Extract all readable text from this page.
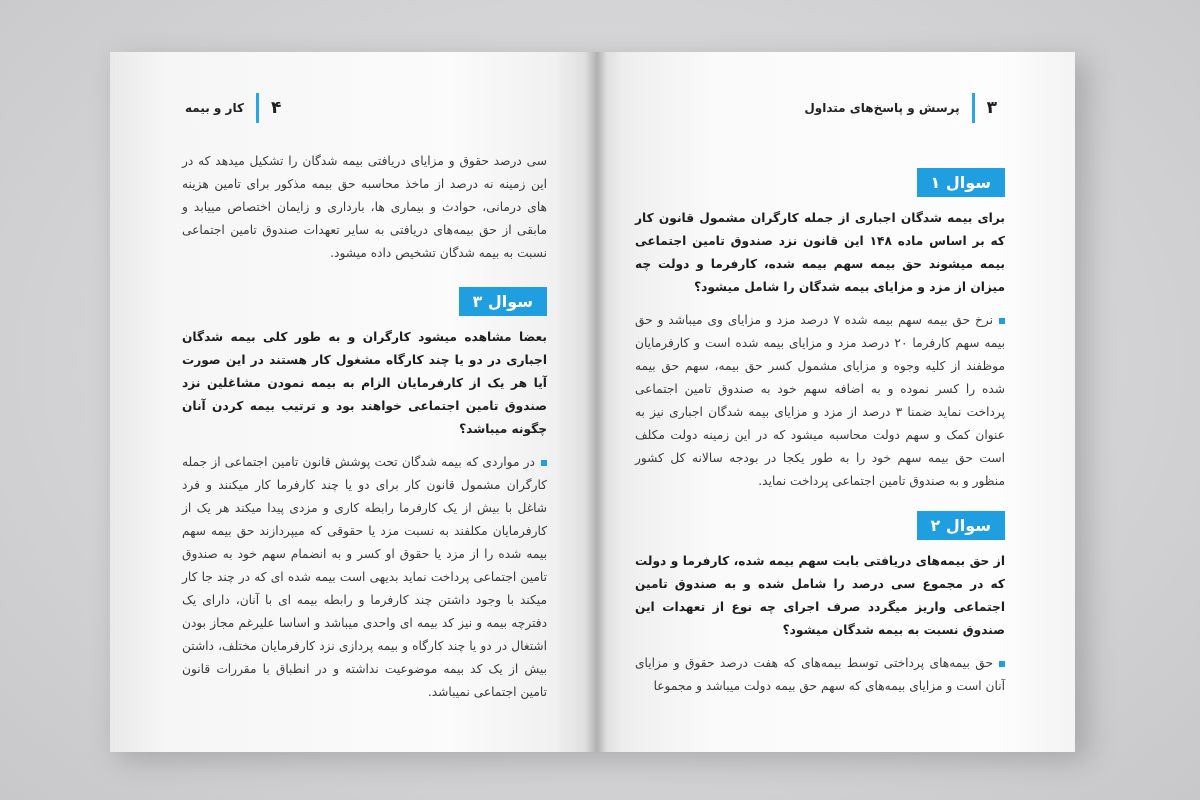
۴
کار و بیمه

سی درصد حقوق و مزایای دریافتی بیمه شدگان را تشکیل میدهد که در این زمینه نه درصد از ماخذ محاسبه حق بیمه مذکور برای تامین هزینه های درمانی، حوادث و بیماری ها، بارداری و زایمان اختصاص مییابد و مابقی از حق بیمه‌های دریافتی به سایر تعهدات صندوق تامین اجتماعی نسبت به بیمه شدگان تشخیص داده میشود.

سوال ۳

بعضا مشاهده میشود کارگران و به طور کلی بیمه شدگان اجباری در دو یا چند کارگاه مشغول کار هستند در این صورت آیا هر یک از کارفرمایان الزام به بیمه نمودن مشاغلین نزد صندوق تامین اجتماعی خواهند بود و ترتیب بیمه کردن آنان چگونه میباشد؟

در مواردی که بیمه شدگان تحت پوشش قانون تامین اجتماعی از جمله کارگران مشمول قانون کار برای دو یا چند کارفرما کار میکنند و فرد شاغل با بیش از یک کارفرما رابطه کاری و مزدی پیدا میکند هر یک از کارفرمایان مکلفند به نسبت مزد یا حقوقی که میپردازند حق بیمه سهم بیمه شده را از مزد یا حقوق او کسر و به انضمام سهم خود به صندوق تامین اجتماعی پرداخت نماید بدیهی است بیمه شده ای که در چند جا کار میکند با وجود داشتن چند کارفرما و رابطه بیمه ای با آنان، دارای یک دفترچه بیمه و نیز کد بیمه ای واحدی میباشد و اساسا علیرغم مجاز بودن اشتغال در دو یا چند کارگاه و بیمه پردازی نزد کارفرمایان مختلف، داشتن بیش از یک کد بیمه موضوعیت نداشته و در انطباق با مقررات قانون تامین اجتماعی نمیباشد.

۳
پرسش و پاسخ‌های متداول
سوال ۱

برای بیمه شدگان اجباری از جمله کارگران مشمول قانون کار که بر اساس ماده ۱۴۸ این قانون نزد صندوق تامین اجتماعی بیمه میشوند حق بیمه سهم بیمه شده، کارفرما و دولت چه میزان از مزد و مزایای بیمه شدگان را شامل میشود؟

نرخ حق بیمه سهم بیمه شده ۷ درصد مزد و مزایای وی میباشد و حق بیمه سهم کارفرما ۲۰ درصد مزد و مزایای بیمه شده است و کارفرمایان موظفند از کلیه وجوه و مزایای مشمول کسر حق بیمه، سهم حق بیمه شده را کسر نموده و به اضافه سهم خود به صندوق تامین اجتماعی پرداخت نماید ضمنا ۳ درصد از مزد و مزایای بیمه شدگان اجباری نیز به عنوان کمک و سهم دولت محاسبه میشود که در این زمینه دولت مکلف است حق بیمه سهم خود را به طور یکجا در بودجه سالانه کل کشور منظور و به صندوق تامین اجتماعی پرداخت نماید.

سوال ۲

از حق بیمه‌های دریافتی بابت سهم بیمه شده، کارفرما و دولت که در مجموع سی درصد را شامل شده و به صندوق تامین اجتماعی واریز میگردد صرف اجرای چه نوع از تعهدات این صندوق نسبت به بیمه شدگان میشود؟

حق بیمه‌های پرداختی توسط بیمه‌های که هفت درصد حقوق و مزایای آنان است و مزایای بیمه‌های که سهم حق بیمه دولت میباشد و مجموعا
